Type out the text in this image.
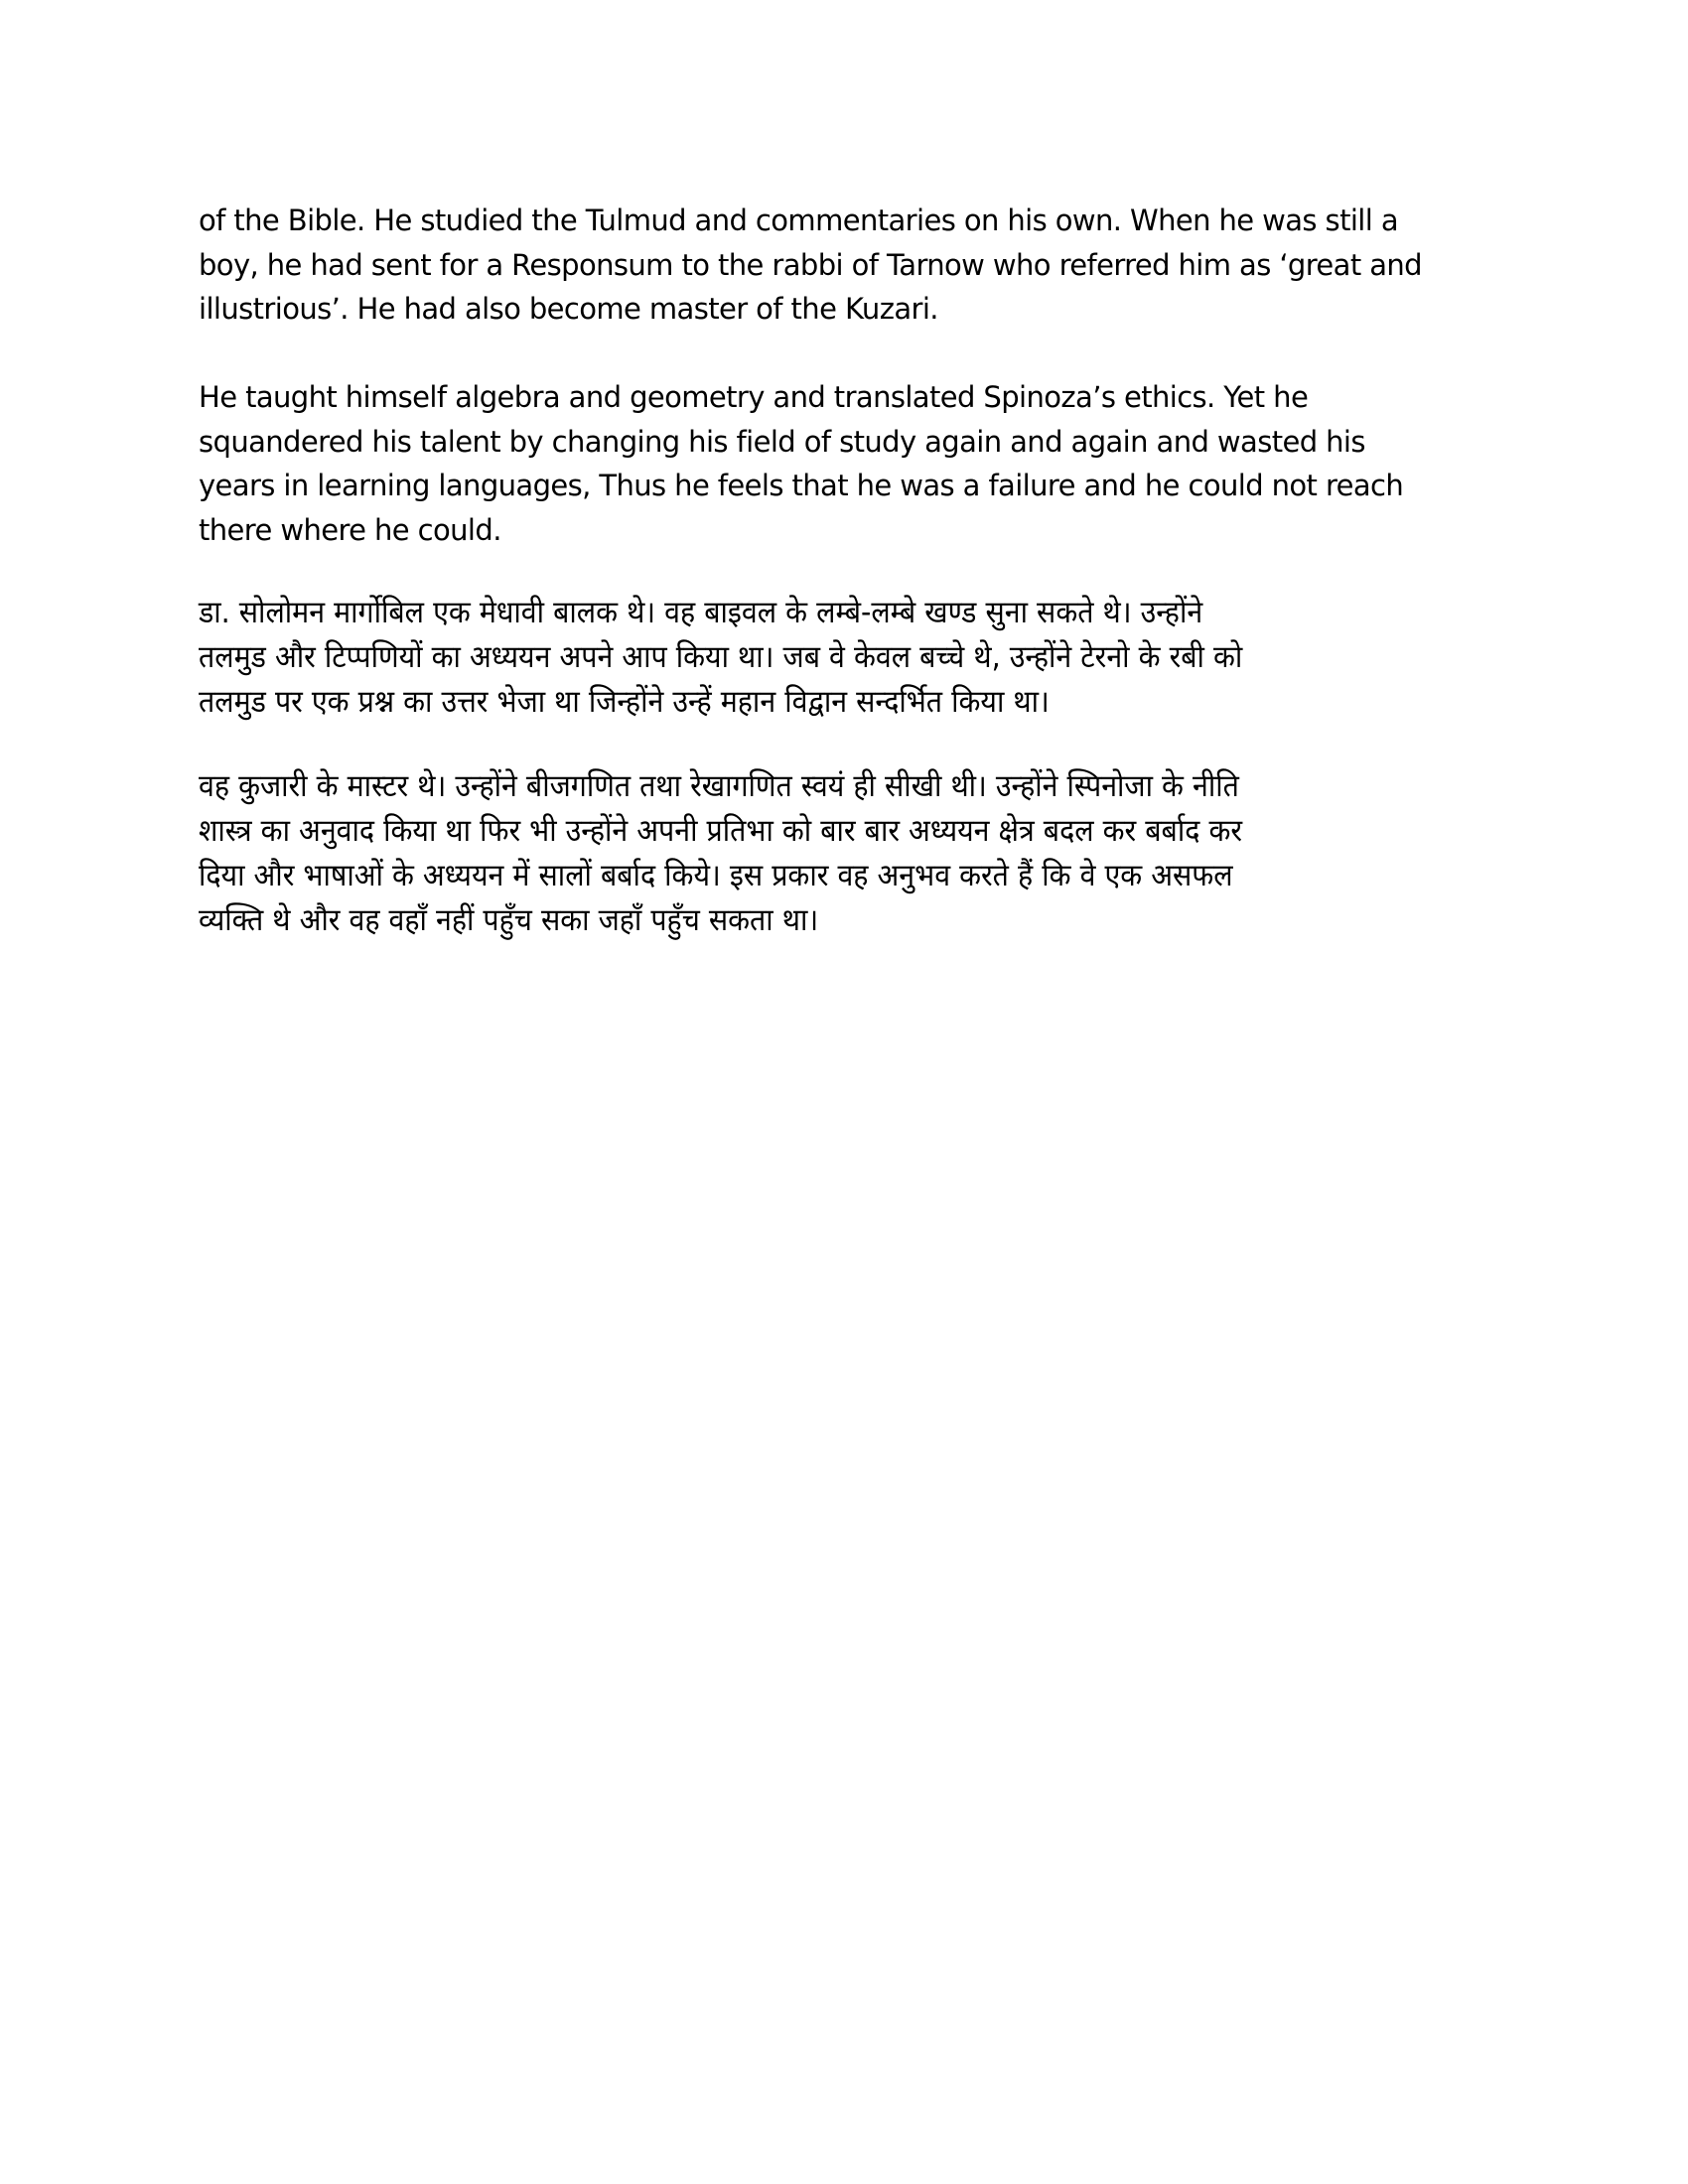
of the Bible. He studied the Tulmud and commentaries on his own. When he was still a
boy, he had sent for a Responsum to the rabbi of Tarnow who referred him as ‘great and
illustrious’. He had also become master of the Kuzari.

He taught himself algebra and geometry and translated Spinoza’s ethics. Yet he
squandered his talent by changing his field of study again and again and wasted his
years in learning languages, Thus he feels that he was a failure and he could not reach
there where he could.

डा. सोलोमन मार्गोबिल एक मेधावी बालक थे। वह बाइवल के लम्बे-लम्बे खण्ड सुना सकते थे। उन्होंने
तलमुड और टिप्पणियों का अध्ययन अपने आप किया था। जब वे केवल बच्चे थे, उन्होंने टेरनो के रबी को
तलमुड पर एक प्रश्न का उत्तर भेजा था जिन्होंने उन्हें महान विद्वान सन्दर्भित किया था।

वह कुजारी के मास्टर थे। उन्होंने बीजगणित तथा रेखागणित स्वयं ही सीखी थी। उन्होंने स्पिनोजा के नीति
शास्त्र का अनुवाद किया था फिर भी उन्होंने अपनी प्रतिभा को बार बार अध्ययन क्षेत्र बदल कर बर्बाद कर
दिया और भाषाओं के अध्ययन में सालों बर्बाद किये। इस प्रकार वह अनुभव करते हैं कि वे एक असफल
व्यक्ति थे और वह वहाँ नहीं पहुँच सका जहाँ पहुँच सकता था।
